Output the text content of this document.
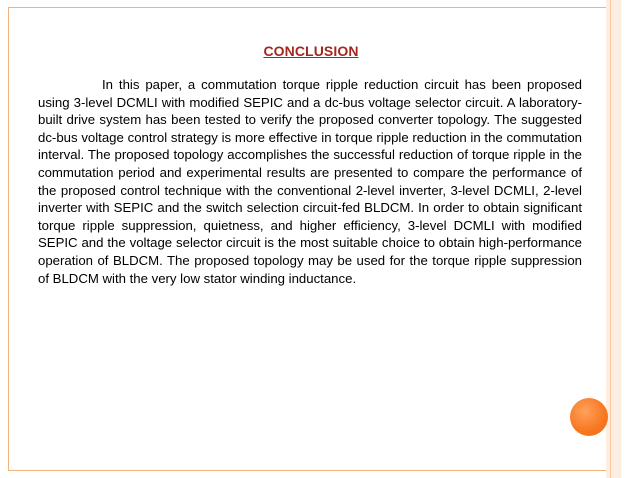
CONCLUSION
In this paper, a commutation torque ripple reduction circuit has been proposed using 3-level DCMLI with modified SEPIC and a dc-bus voltage selector circuit. A laboratory-built drive system has been tested to verify the proposed converter topology. The suggested dc-bus voltage control strategy is more effective in torque ripple reduction in the commutation interval. The proposed topology accomplishes the successful reduction of torque ripple in the commutation period and experimental results are presented to compare the performance of the proposed control technique with the conventional 2-level inverter, 3-level DCMLI, 2-level inverter with SEPIC and the switch selection circuit-fed BLDCM. In order to obtain significant torque ripple suppression, quietness, and higher efficiency, 3-level DCMLI with modified SEPIC and the voltage selector circuit is the most suitable choice to obtain high-performance operation of BLDCM. The proposed topology may be used for the torque ripple suppression of BLDCM with the very low stator winding inductance.
